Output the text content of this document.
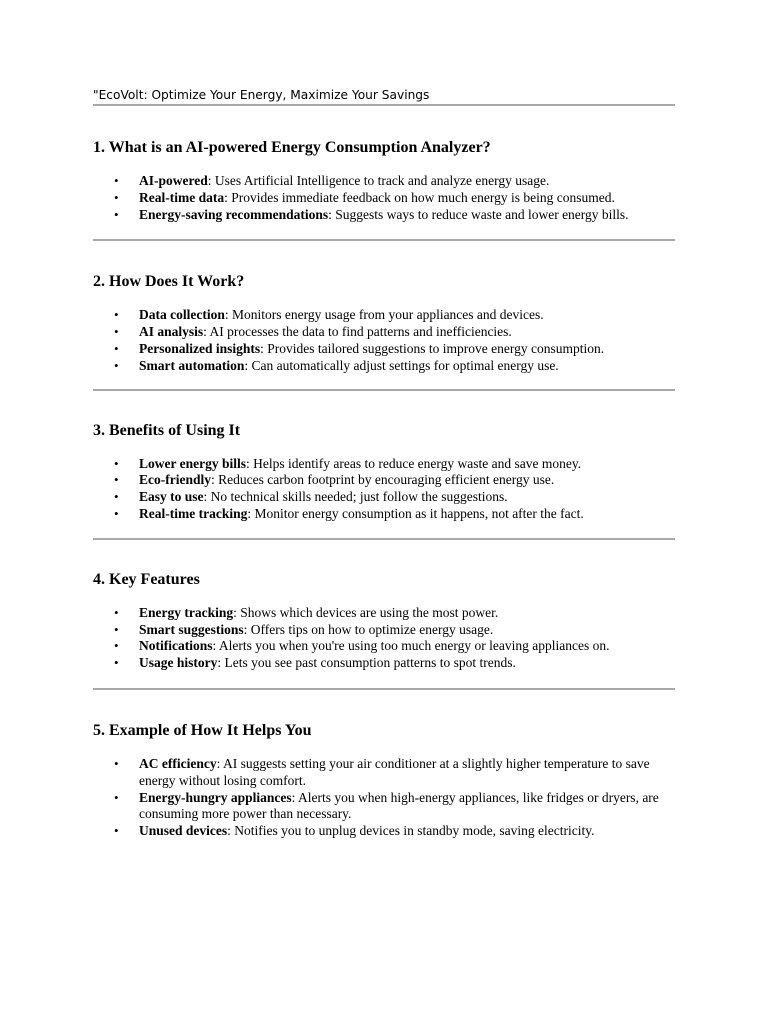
"EcoVolt: Optimize Your Energy, Maximize Your Savings
1. What is an AI-powered Energy Consumption Analyzer?
• AI-powered: Uses Artificial Intelligence to track and analyze energy usage.
• Real-time data: Provides immediate feedback on how much energy is being consumed.
• Energy-saving recommendations: Suggests ways to reduce waste and lower energy bills.
2. How Does It Work?
• Data collection: Monitors energy usage from your appliances and devices.
• AI analysis: AI processes the data to find patterns and inefficiencies.
• Personalized insights: Provides tailored suggestions to improve energy consumption.
• Smart automation: Can automatically adjust settings for optimal energy use.
3. Benefits of Using It
• Lower energy bills: Helps identify areas to reduce energy waste and save money.
• Eco-friendly: Reduces carbon footprint by encouraging efficient energy use.
• Easy to use: No technical skills needed; just follow the suggestions.
• Real-time tracking: Monitor energy consumption as it happens, not after the fact.
4. Key Features
• Energy tracking: Shows which devices are using the most power.
• Smart suggestions: Offers tips on how to optimize energy usage.
• Notifications: Alerts you when you're using too much energy or leaving appliances on.
• Usage history: Lets you see past consumption patterns to spot trends.
5. Example of How It Helps You
• AC efficiency: AI suggests setting your air conditioner at a slightly higher temperature to save energy without losing comfort.
• Energy-hungry appliances: Alerts you when high-energy appliances, like fridges or dryers, are consuming more power than necessary.
• Unused devices: Notifies you to unplug devices in standby mode, saving electricity.
